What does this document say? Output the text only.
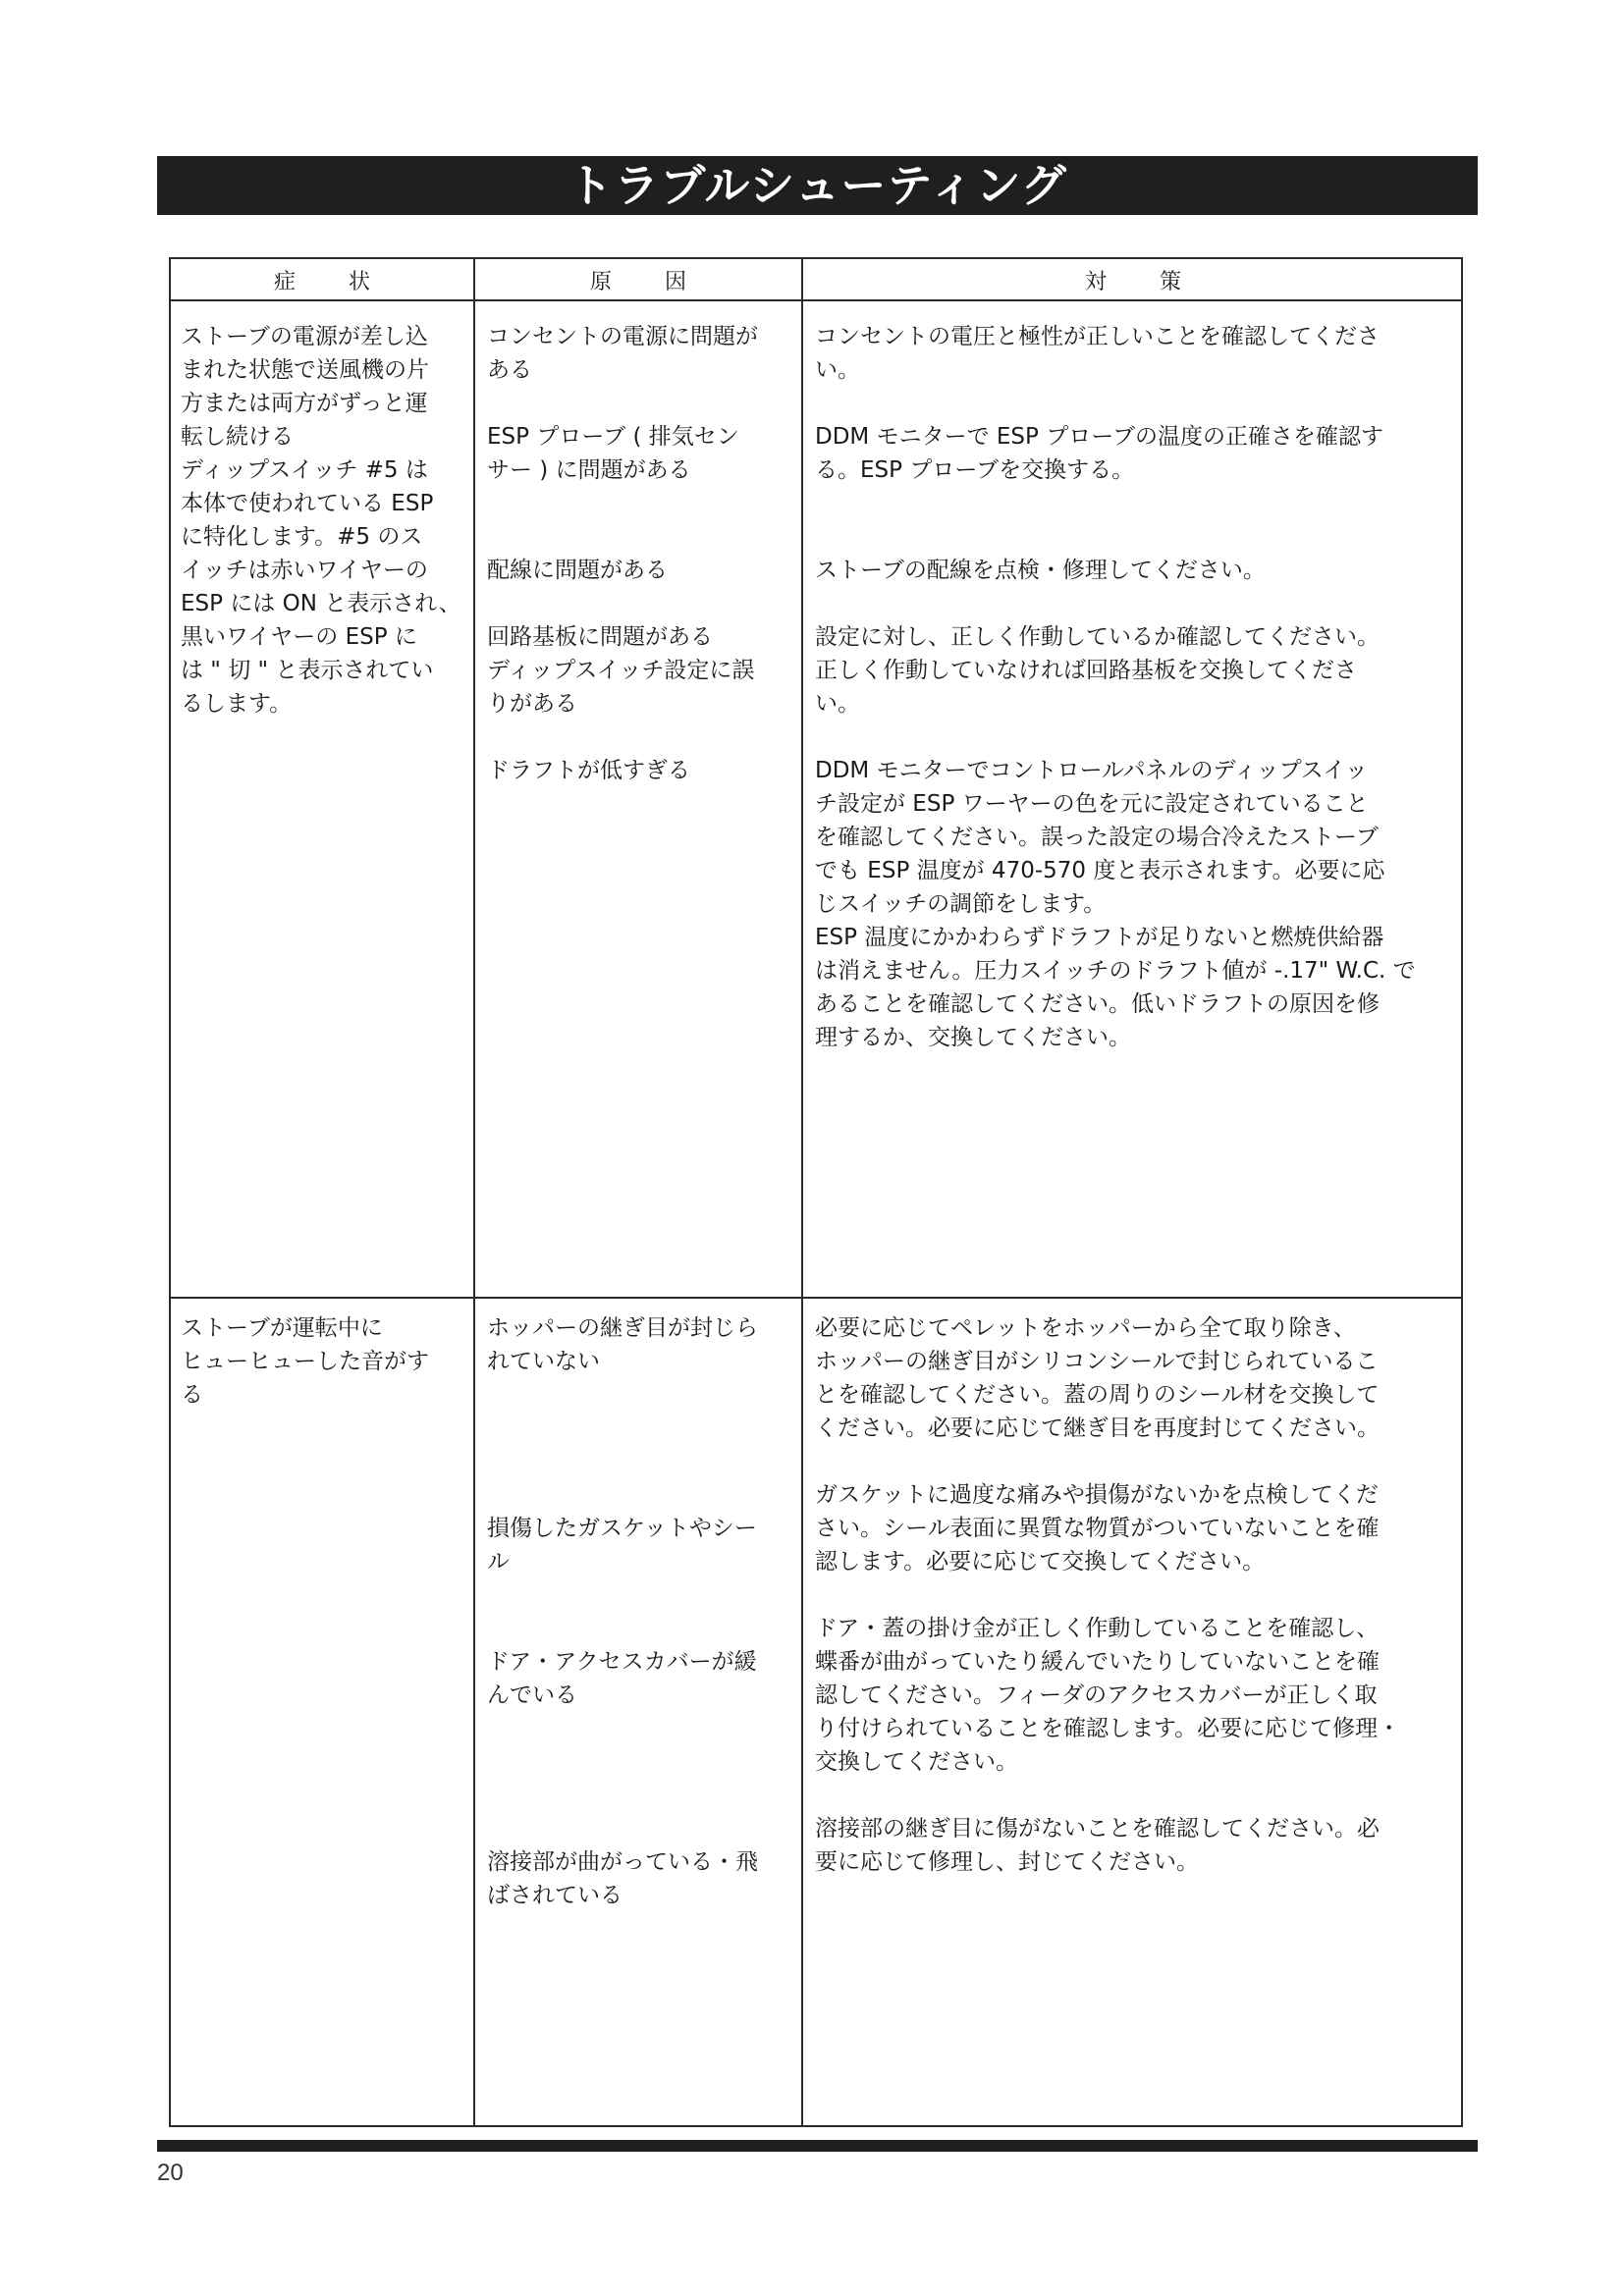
トラブルシューティング
症　状	原　因	対　策
ストーブの電源が差し込
まれた状態で送風機の片
方または両方がずっと運
転し続ける
ディップスイッチ #5 は
本体で使われている ESP
に特化します。#5 のス
イッチは赤いワイヤーの
ESP には ON と表示され、
黒いワイヤーの ESP に
は " 切 " と表示されてい
るします。
コンセントの電源に問題が
ある
ESP プローブ ( 排気セン
サー ) に問題がある
配線に問題がある
回路基板に問題がある
ディップスイッチ設定に誤
りがある
ドラフトが低すぎる
コンセントの電圧と極性が正しいことを確認してくださ
い。
DDM モニターで ESP プローブの温度の正確さを確認す
る。ESP プローブを交換する。
ストーブの配線を点検・修理してください。
設定に対し、正しく作動しているか確認してください。
正しく作動していなければ回路基板を交換してくださ
い。
DDM モニターでコントロールパネルのディップスイッ
チ設定が ESP ワーヤーの色を元に設定されていること
を確認してください。誤った設定の場合冷えたストーブ
でも ESP 温度が 470-570 度と表示されます。必要に応
じスイッチの調節をします。
ESP 温度にかかわらずドラフトが足りないと燃焼供給器
は消えません。圧力スイッチのドラフト値が -.17" W.C. で
あることを確認してください。低いドラフトの原因を修
理するか、交換してください。
ストーブが運転中に
ヒューヒューした音がす
る
ホッパーの継ぎ目が封じら
れていない
損傷したガスケットやシー
ル
ドア・アクセスカバーが緩
んでいる
溶接部が曲がっている・飛
ばされている
必要に応じてペレットをホッパーから全て取り除き、
ホッパーの継ぎ目がシリコンシールで封じられているこ
とを確認してください。蓋の周りのシール材を交換して
ください。必要に応じて継ぎ目を再度封じてください。
ガスケットに過度な痛みや損傷がないかを点検してくだ
さい。シール表面に異質な物質がついていないことを確
認します。必要に応じて交換してください。
ドア・蓋の掛け金が正しく作動していることを確認し、
蝶番が曲がっていたり緩んでいたりしていないことを確
認してください。フィーダのアクセスカバーが正しく取
り付けられていることを確認します。必要に応じて修理・
交換してください。
溶接部の継ぎ目に傷がないことを確認してください。必
要に応じて修理し、封じてください。
20
